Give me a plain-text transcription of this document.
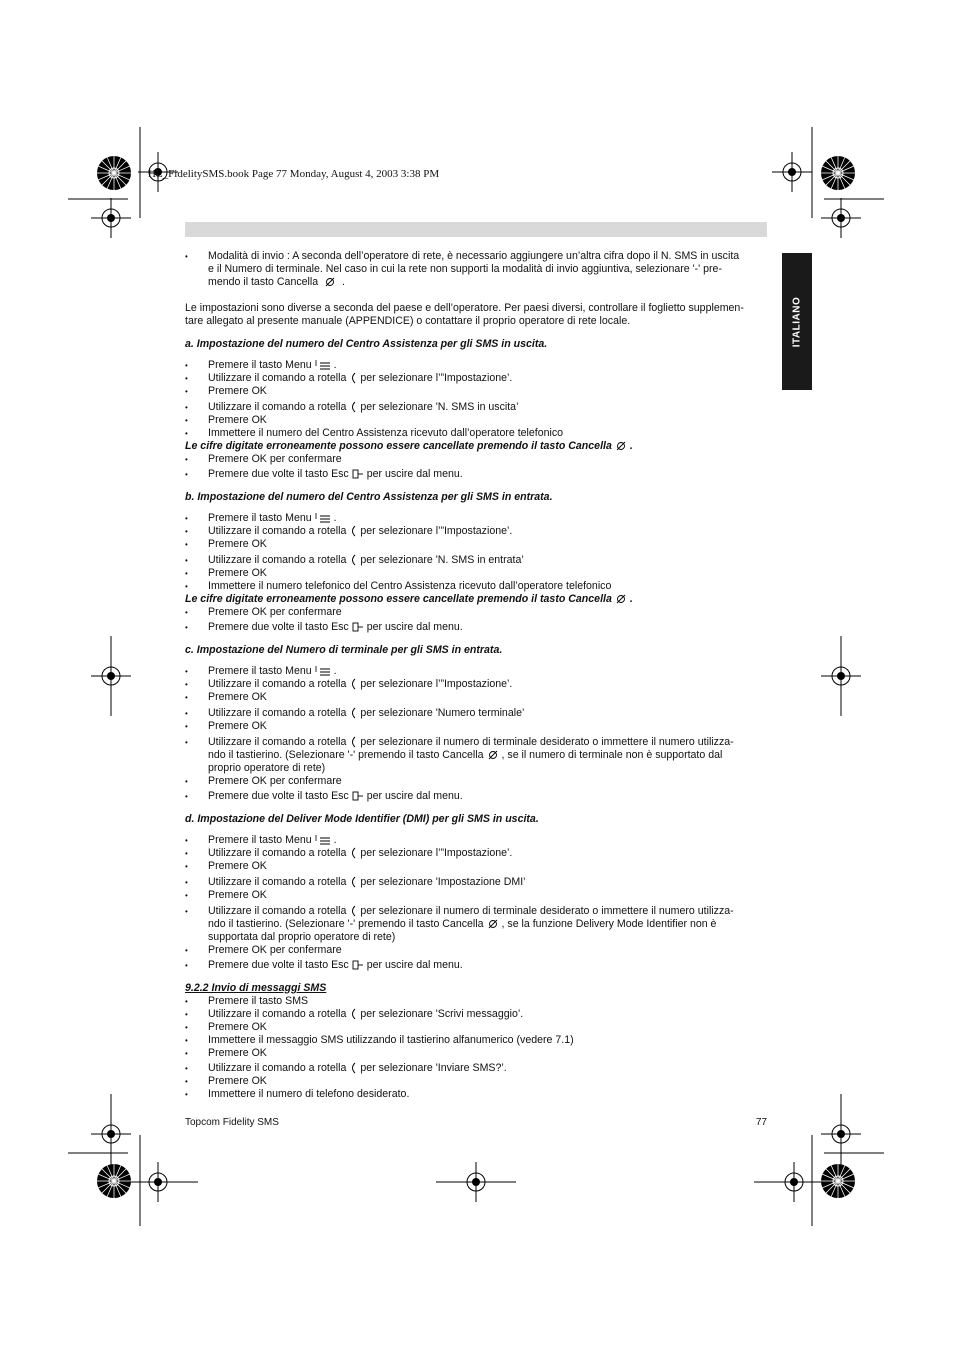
HL_FidelitySMS.book Page 77 Monday, August 4, 2003 3:38 PM
ITALIANO
• Modalità di invio : A seconda dell’operatore di rete, è necessario aggiungere un’altra cifra dopo il N. SMS in uscita
e il Numero di terminale. Nel caso in cui la rete non supporti la modalità di invio aggiuntiva, selezionare '-' pre-
mendo il tasto Cancella .

Le impostazioni sono diverse a seconda del paese e dell’operatore. Per paesi diversi, controllare il foglietto supplemen-
tare allegato al presente manuale (APPENDICE) o contattare il proprio operatore di rete locale.

a. Impostazione del numero del Centro Assistenza per gli SMS in uscita.

• Premere il tasto Menu .
• Utilizzare il comando a rotella per selezionare l’”Impostazione’.
• Premere OK
• Utilizzare il comando a rotella per selezionare 'N. SMS in uscita’
• Premere OK
• Immettere il numero del Centro Assistenza ricevuto dall’operatore telefonico

Le cifre digitate erroneamente possono essere cancellate premendo il tasto Cancella .

• Premere OK per confermare
• Premere due volte il tasto Esc per uscire dal menu.

b. Impostazione del numero del Centro Assistenza per gli SMS in entrata.

• Premere il tasto Menu .
• Utilizzare il comando a rotella per selezionare l’”Impostazione’.
• Premere OK
• Utilizzare il comando a rotella per selezionare 'N. SMS in entrata’
• Premere OK
• Immettere il numero telefonico del Centro Assistenza ricevuto dall’operatore telefonico

Le cifre digitate erroneamente possono essere cancellate premendo il tasto Cancella .

• Premere OK per confermare
• Premere due volte il tasto Esc per uscire dal menu.

c. Impostazione del Numero di terminale per gli SMS in entrata.

• Premere il tasto Menu .
• Utilizzare il comando a rotella per selezionare l’”Impostazione’.
• Premere OK
• Utilizzare il comando a rotella per selezionare 'Numero terminale’
• Premere OK
• Utilizzare il comando a rotella per selezionare il numero di terminale desiderato o immettere il numero utilizza-
ndo il tastierino. (Selezionare '-' premendo il tasto Cancella , se il numero di terminale non è supportato dal
proprio operatore di rete)
• Premere OK per confermare
• Premere due volte il tasto Esc per uscire dal menu.

d. Impostazione del Deliver Mode Identifier (DMI) per gli SMS in uscita.

• Premere il tasto Menu .
• Utilizzare il comando a rotella per selezionare l’”Impostazione’.
• Premere OK
• Utilizzare il comando a rotella per selezionare 'Impostazione DMI’
• Premere OK
• Utilizzare il comando a rotella per selezionare il numero di terminale desiderato o immettere il numero utilizza-
ndo il tastierino. (Selezionare '-' premendo il tasto Cancella , se la funzione Delivery Mode Identifier non è
supportata dal proprio operatore di rete)
• Premere OK per confermare
• Premere due volte il tasto Esc per uscire dal menu.

9.2.2 Invio di messaggi SMS

• Premere il tasto SMS
• Utilizzare il comando a rotella per selezionare 'Scrivi messaggio’.
• Premere OK
• Immettere il messaggio SMS utilizzando il tastierino alfanumerico (vedere 7.1)
• Premere OK
• Utilizzare il comando a rotella per selezionare 'Inviare SMS?’.
• Premere OK
• Immettere il numero di telefono desiderato.
Topcom Fidelity SMS	77
